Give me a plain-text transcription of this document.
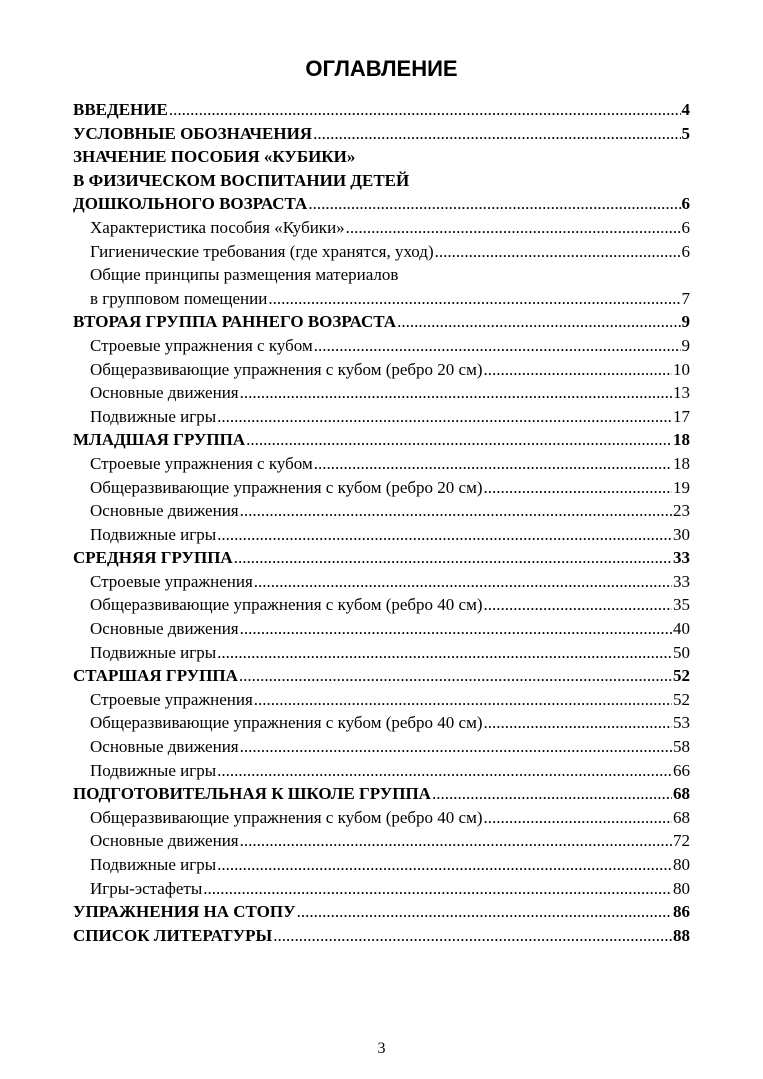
ОГЛАВЛЕНИЕ
ВВЕДЕНИЕ .....	4
УСЛОВНЫЕ ОБОЗНАЧЕНИЯ .....	5
ЗНАЧЕНИЕ ПОСОБИЯ «КУБИКИ»
В ФИЗИЧЕСКОМ ВОСПИТАНИИ ДЕТЕЙ
ДОШКОЛЬНОГО ВОЗРАСТА .....	6
Характеристика пособия «Кубики» .....	6
Гигиенические требования (где хранятся, уход) .....	6
Общие принципы размещения материалов
в групповом помещении .....	7
ВТОРАЯ ГРУППА РАННЕГО ВОЗРАСТА .....	9
Строевые упражнения с кубом .....	9
Общеразвивающие упражнения с кубом (ребро 20 см) .....	10
Основные движения .....	13
Подвижные игры .....	17
МЛАДШАЯ ГРУППА .....	18
Строевые упражнения с кубом .....	18
Общеразвивающие упражнения с кубом (ребро 20 см) .....	19
Основные движения .....	23
Подвижные игры .....	30
СРЕДНЯЯ ГРУППА .....	33
Строевые упражнения .....	33
Общеразвивающие упражнения с кубом (ребро 40 см) .....	35
Основные движения .....	40
Подвижные игры .....	50
СТАРШАЯ ГРУППА .....	52
Строевые упражнения .....	52
Общеразвивающие упражнения с кубом (ребро 40 см) .....	53
Основные движения .....	58
Подвижные игры .....	66
ПОДГОТОВИТЕЛЬНАЯ К ШКОЛЕ ГРУППА .....	68
Общеразвивающие упражнения с кубом (ребро 40 см) .....	68
Основные движения .....	72
Подвижные игры .....	80
Игры-эстафеты .....	80
УПРАЖНЕНИЯ НА СТОПУ .....	86
СПИСОК ЛИТЕРАТУРЫ .....	88
3
